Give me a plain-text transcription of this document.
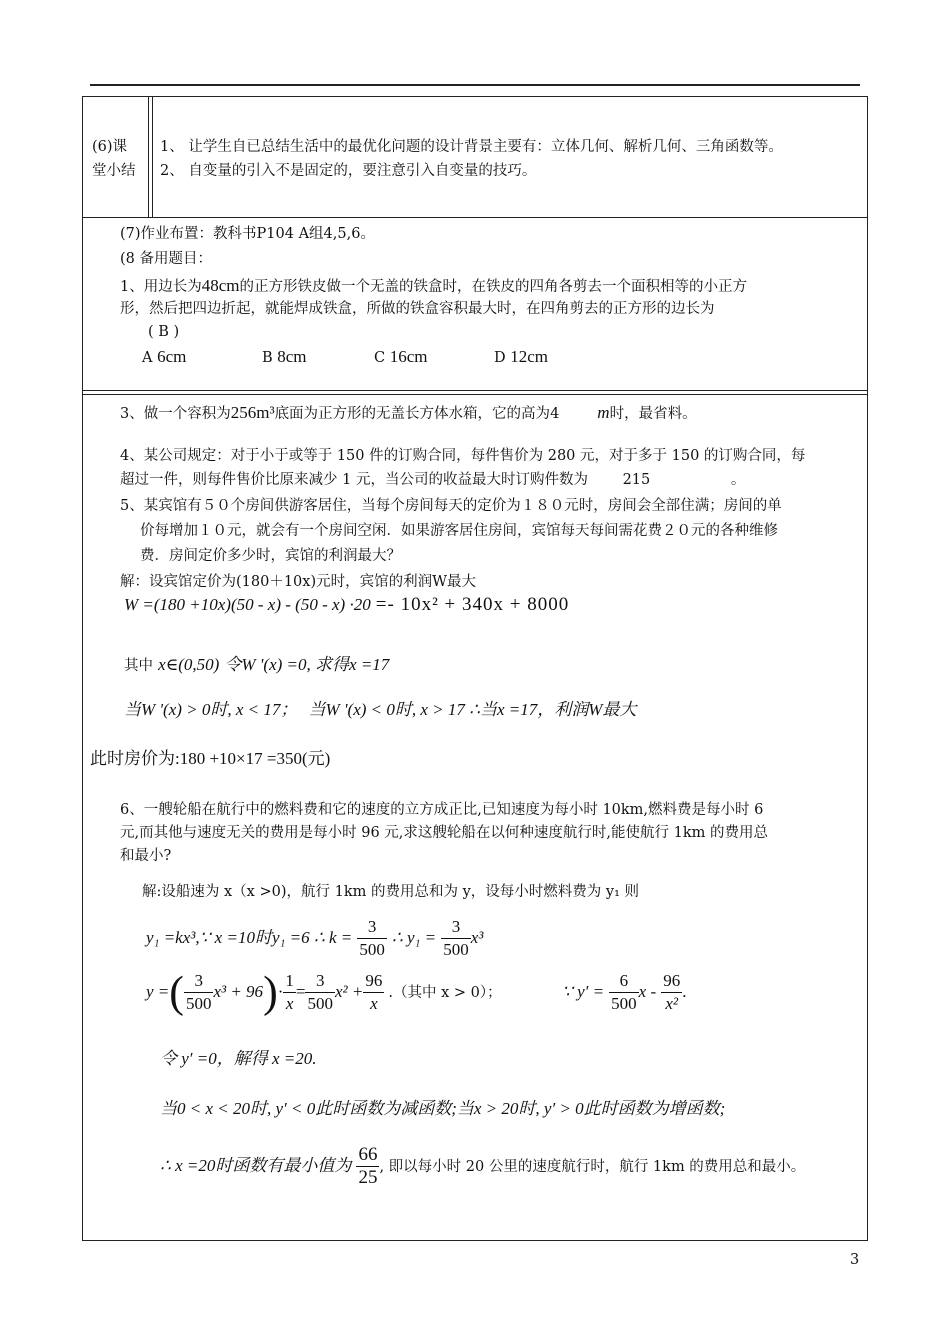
(6)课
堂小结
1、 让学生自已总结生活中的最优化问题的设计背景主要有：立体几何、解析几何、三角函数等。
2、 自变量的引入不是固定的，要注意引入自变量的技巧。
(7)作业布置：教科书P104 A组4,5,6。
(8 备用题目：
1、用边长为48cm的正方形铁皮做一个无盖的铁盒时，在铁皮的四角各剪去一个面积相等的小正方
形，然后把四边折起，就能焊成铁盒，所做的铁盒容积最大时，在四角剪去的正方形的边长为
( B )
A 6cm	B 8cm	C 16cm	D 12cm
3、做一个容积为256m³底面为正方形的无盖长方体水箱，它的高为4 m时，最省料。
4、某公司规定：对于小于或等于 150 件的订购合同，每件售价为 280 元，对于多于 150 的订购合同，每
超过一件，则每件售价比原来减少 1 元，当公司的收益最大时订购件数为 215	。
5、某宾馆有５０个房间供游客居住，当每个房间每天的定价为１８０元时，房间会全部住满；房间的单
价每增加１０元，就会有一个房间空闲．如果游客居住房间，宾馆每天每间需花费２０元的各种维修
费．房间定价多少时，宾馆的利润最大？
解：设宾馆定价为(180＋10x)元时，宾馆的利润W最大
W =(180 +10x)(50 - x) - (50 - x) ·20 =- 10x² + 340x + 8000
其中 x∈(0,50) 令W '(x) =0, 求得x =17
当W '(x) > 0时, x < 17； 当W '(x) < 0时, x > 17 ∴当x =17，利润W最大
此时房价为:180 +10×17 =350(元)
6、一艘轮船在航行中的燃料费和它的速度的立方成正比,已知速度为每小时 10km,燃料费是每小时 6
元,而其他与速度无关的费用是每小时 96 元,求这艘轮船在以何种速度航行时,能使航行 1km 的费用总
和最小?
解:设船速为 x（x >0)，航行 1km 的费用总和为 y，设每小时燃料费为 y₁ 则
y₁ =kx³,∵ x =10时y₁ =6 ∴ $k = \frac{3}{500}$ ∴ $y_1 = \frac{3}{500} x^3$
y =( $\frac{3}{500} x^3 + 96)\cdot \frac{1}{x} = \frac{3}{500} x^2 + \frac{96}{x}$ .（其中 x > 0）；	∵ $y' = \frac{6}{500}$ x - $\frac{96}{\text{x²}}$ .
令 y′ =0，解得 x =20.
当0 < x < 20时, y′ < 0此时函数为减函数;当x > 20时, y′ > 0此时函数为增函数;
∴ x =20时函数有最小值为 $\frac{66}{25}$ , 即以每小时 20 公里的速度航行时，航行 1km 的费用总和最小。
3
